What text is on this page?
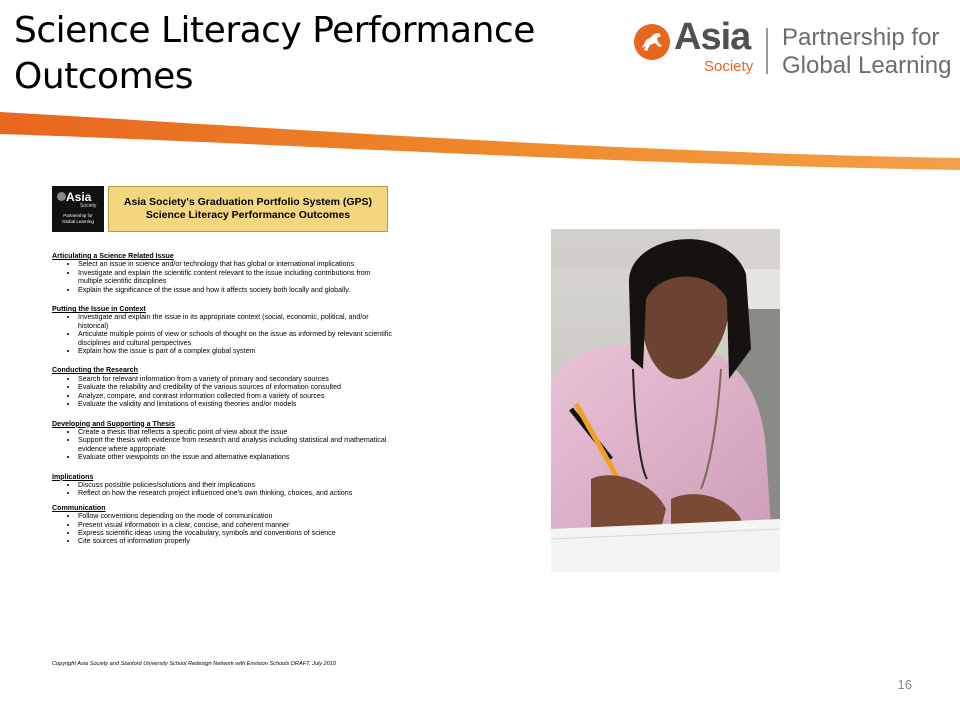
Science Literacy Performance
Outcomes
Asia
Society
Partnership for
Global Learning
Asia
Society
Partnership for
Global Learning
Asia Society's Graduation Portfolio System (GPS)
Science Literacy Performance Outcomes
Articulating a Science Related Issue
• Select an issue in science and/or technology that has global or international implications
• Investigate and explain the scientific content relevant to the issue including contributions from multiple scientific disciplines
• Explain the significance of the issue and how it affects society both locally and globally.
Putting the Issue in Context
• Investigate and explain the issue in its appropriate context (social, economic, political, and/or historical)
• Articulate multiple points of view or schools of thought on the issue as informed by relevant scientific disciplines and cultural perspectives
• Explain how the issue is part of a complex global system
Conducting the Research
• Search for relevant information from a variety of primary and secondary sources
• Evaluate the reliability and credibility of the various sources of information consulted
• Analyze, compare, and contrast information collected from a variety of sources
• Evaluate the validity and limitations of existing theories and/or models
Developing and Supporting a Thesis
• Create a thesis that reflects a specific point of view about the issue
• Support the thesis with evidence from research and analysis including statistical and mathematical evidence where appropriate
• Evaluate other viewpoints on the issue and alternative explanations
Implications
• Discuss possible policies/solutions and their implications
• Reflect on how the research project influenced one's own thinking, choices, and actions
Communication
• Follow conventions depending on the mode of communication
• Present visual information in a clear, concise, and coherent manner
• Express scientific ideas using the vocabulary, symbols and conventions of science
• Cite sources of information properly
Copyright Asia Society and Stanford University School Redesign Network with Envision Schools DRAFT, July 2010
16
